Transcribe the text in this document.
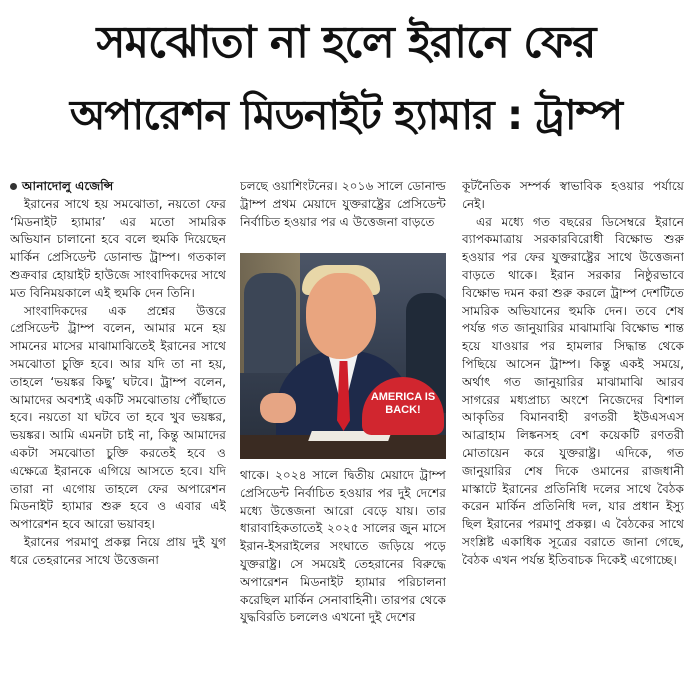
সমঝোতা না হলে ইরানে ফের
অপারেশন মিডনাইট হ্যামার : ট্রাম্প
আনাদোলু এজেন্সি

ইরানের সাথে হয় সমঝোতা, নয়তো ফের ‘মিডনাইট হ্যামার’ এর মতো সামরিক অভিযান চালানো হবে বলে হুমকি দিয়েছেন মার্কিন প্রেসিডেন্ট ডোনাল্ড ট্রাম্প। গতকাল শুক্রবার হোয়াইট হাউজে সাংবাদিকদের সাথে মত বিনিময়কালে এই হুমকি দেন তিনি।

সাংবাদিকদের এক প্রশ্নের উত্তরে প্রেসিডেন্ট ট্রাম্প বলেন, আমার মনে হয় সামনের মাসের মাঝামাঝিতেই ইরানের সাথে সমঝোতা চুক্তি হবে। আর যদি তা না হয়, তাহলে ‘ভয়ঙ্কর কিছু’ ঘটবে। ট্রাম্প বলেন, আমাদের অবশ্যই একটি সমঝোতায় পৌঁছাতে হবে। নয়তো যা ঘটবে তা হবে খুব ভয়ঙ্কর, ভয়ঙ্কর। আমি এমনটা চাই না, কিন্তু আমাদের একটা সমঝোতা চুক্তি করতেই হবে ও এক্ষেত্রে ইরানকে এগিয়ে আসতে হবে। যদি তারা না এগোয় তাহলে ফের অপারেশন মিডনাইট হ্যামার শুরু হবে ও এবার এই অপারেশন হবে আরো ভয়াবহ।

ইরানের পরমাণু প্রকল্প নিয়ে প্রায় দুই যুগ ধরে তেহরানের সাথে উত্তেজনা

চলছে ওয়াশিংটনের। ২০১৬ সালে ডোনাল্ড ট্রাম্প প্রথম মেয়াদে যুক্তরাষ্ট্রের প্রেসিডেন্ট নির্বাচিত হওয়ার পর এ উত্তেজনা বাড়তে
AMERICA IS BACK!
থাকে। ২০২৪ সালে দ্বিতীয় মেয়াদে ট্রাম্প প্রেসিডেন্ট নির্বাচিত হওয়ার পর দুই দেশের মধ্যে উত্তেজনা আরো বেড়ে যায়। তার ধারাবাহিকতাতেই ২০২৫ সালের জুন মাসে ইরান-ইসরাইলের সংঘাতে জড়িয়ে পড়ে যুক্তরাষ্ট্র। সে সময়েই তেহরানের বিরুদ্ধে অপারেশন মিডনাইট হ্যামার পরিচালনা করেছিল মার্কিন সেনাবাহিনী। তারপর থেকে যুদ্ধবিরতি চললেও এখনো দুই দেশের

কূটনৈতিক সম্পর্ক স্বাভাবিক হওয়ার পর্যায়ে নেই।

এর মধ্যে গত বছরের ডিসেম্বরে ইরানে ব্যাপকমাত্রায় সরকারবিরোধী বিক্ষোভ শুরু হওয়ার পর ফের যুক্তরাষ্ট্রের সাথে উত্তেজনা বাড়তে থাকে। ইরান সরকার নিষ্ঠুরভাবে বিক্ষোভ দমন করা শুরু করলে ট্রাম্প দেশটিতে সামরিক অভিযানের হুমকি দেন। তবে শেষ পর্যন্ত গত জানুয়ারির মাঝামাঝি বিক্ষোভ শান্ত হয়ে যাওয়ার পর হামলার সিদ্ধান্ত থেকে পিছিয়ে আসেন ট্রাম্প। কিন্তু একই সময়ে, অর্থাৎ গত জানুয়ারির মাঝামাঝি আরব সাগরের মধ্যপ্রাচ্য অংশে নিজেদের বিশাল আকৃতির বিমানবাহী রণতরী ইউএসএস আব্রাহাম লিঙ্কনসহ বেশ কয়েকটি রণতরী মোতায়েন করে যুক্তরাষ্ট্র। এদিকে, গত জানুয়ারির শেষ দিকে ওমানের রাজধানী মাস্কাটে ইরানের প্রতিনিধি দলের সাথে বৈঠক করেন মার্কিন প্রতিনিধি দল, যার প্রধান ইস্যু ছিল ইরানের পরমাণু প্রকল্প। এ বৈঠকের সাথে সংশ্লিষ্ট একাধিক সূত্রের বরাতে জানা গেছে, বৈঠক এখন পর্যন্ত ইতিবাচক দিকেই এগোচ্ছে।
